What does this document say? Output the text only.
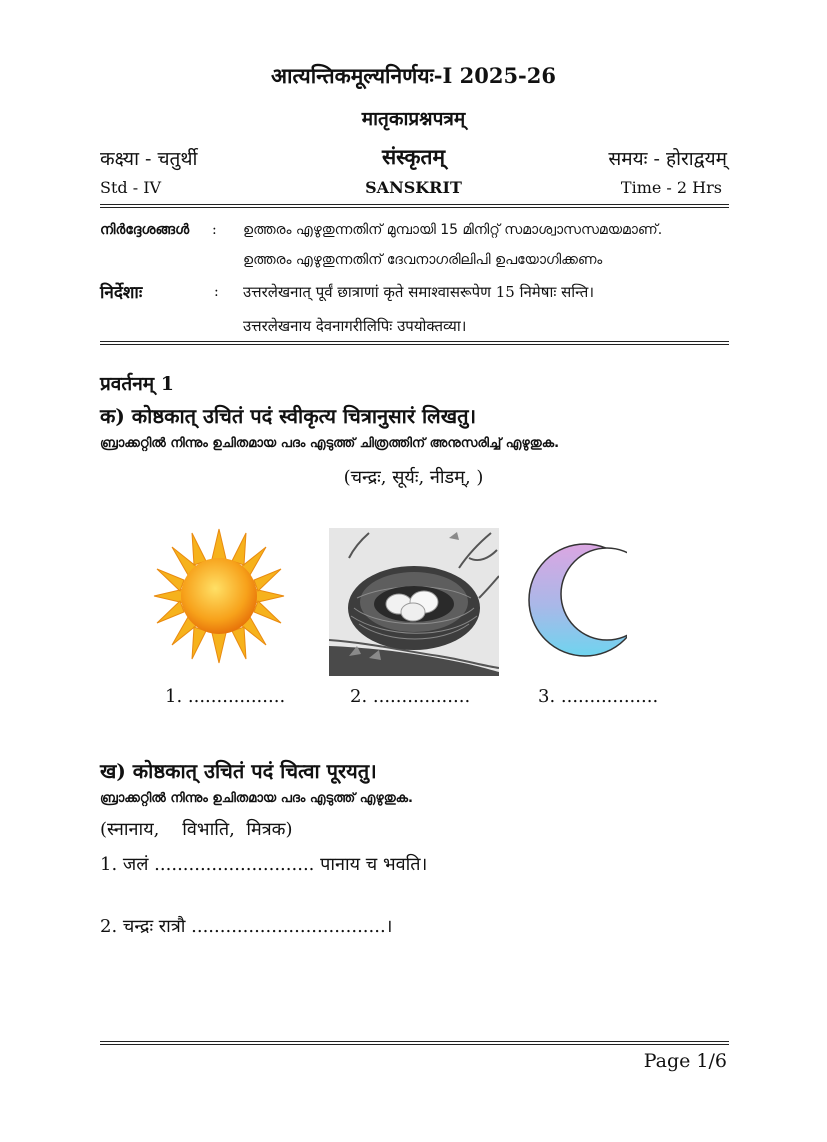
आत्यन्तिकमूल्यनिर्णयः-I 2025-26
मातृकाप्रश्नपत्रम्
कक्ष्या - चतुर्थी	संस्कृतम्	समयः - होराद्वयम्
Std - IV	SANSKRIT	Time - 2 Hrs
നിർദ്ദേശങ്ങൾ : ഉത്തരം എഴുതുന്നതിന് മുമ്പായി 15 മിനിറ്റ് സമാശ്വാസസമയമാണ്.
ഉത്തരം എഴുതുന്നതിന് ദേവനാഗരിലിപി ഉപയോഗിക്കണം
निर्देशाः	: उत्तरलेखनात् पूर्वं छात्राणां कृते समाश्वासरूपेण 15 निमेषाः सन्ति।
उत्तरलेखनाय देवनागरीलिपिः उपयोक्तव्या।
प्रवर्तनम् 1
क) कोष्ठकात् उचितं पदं स्वीकृत्य चित्रानुसारं लिखतु।
ബ്രാക്കറ്റിൽ നിന്നും ഉചിതമായ പദം എടുത്ത് ചിത്രത്തിന് അനുസരിച്ച് എഴുതുക.
(चन्द्रः, सूर्यः, नीडम्, )
1. .................	2. .................	3. .................
ख) कोष्ठकात् उचितं पदं चित्वा पूरयतु।
ബ്രാക്കറ്റിൽ നിന്നും ഉചിതമായ പദം എടുത്ത് എഴുതുക.
(स्नानाय,    विभाति,  मित्रक)
1. जलं ............................ पानाय च भवति।
2. चन्द्रः रात्रौ ..................................।
Page 1/6
